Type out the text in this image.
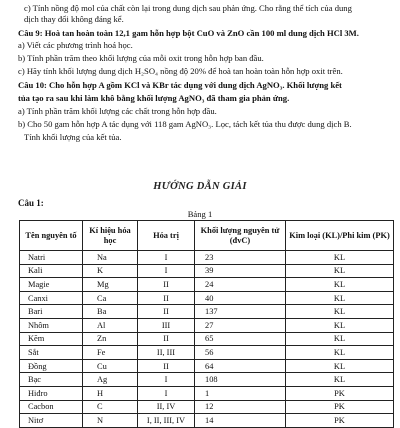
c) Tính nồng độ mol của chất còn lại trong dung dịch sau phản ứng. Cho rằng thể tích của dung
dịch thay đổi không đáng kể.
Câu 9: Hoà tan hoàn toàn 12,1 gam hỗn hợp bột CuO và ZnO cần 100 ml dung dịch HCl 3M.
a) Viết các phương trình hoá học.
b) Tính phần trăm theo khối lượng của mỗi oxit trong hỗn hợp ban đầu.
c) Hãy tính khối lượng dung dịch H₂SO₄ nồng độ 20% để hoà tan hoàn toàn hỗn hợp oxit trên.
Câu 10: Cho hỗn hợp A gồm KCl và KBr tác dụng với dung dịch AgNO₃. Khối lượng kết
tủa tạo ra sau khi làm khô bằng khối lượng AgNO₃ đã tham gia phản ứng.
a) Tính phần trăm khối lượng các chất trong hỗn hợp đầu.
b) Cho 50 gam hỗn hợp A tác dụng với 118 gam AgNO₃. Lọc, tách kết tủa thu được dung dịch B.
Tính khối lượng của kết tủa.
HƯỚNG DẪN GIẢI
Câu 1:
Bảng 1
Tên nguyên tố	Kí hiệu hóa học	Hóa trị	Khối lượng nguyên tử (đvC)	Kim loại (KL)/Phi kim (PK)
Natri	Na	I	23	KL
Kali	K	I	39	KL
Magie	Mg	II	24	KL
Canxi	Ca	II	40	KL
Bari	Ba	II	137	KL
Nhôm	Al	III	27	KL
Kẽm	Zn	II	65	KL
Sắt	Fe	II, III	56	KL
Đồng	Cu	II	64	KL
Bạc	Ag	I	108	KL
Hiđro	H	I	1	PK
Cacbon	C	II, IV	12	PK
Nitơ	N	I, II, III, IV	14	PK
